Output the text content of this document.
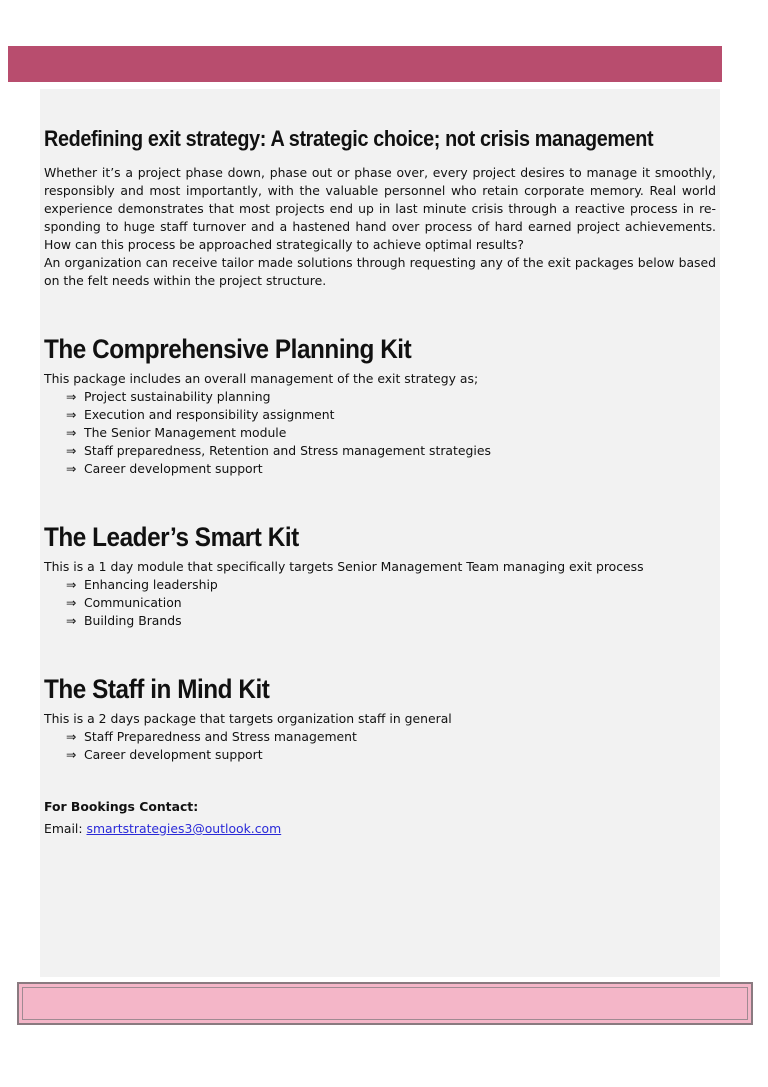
Redefining exit strategy: A strategic choice; not crisis management

Whether it’s a project phase down, phase out or phase over, every project desires to manage it smoothly, responsibly and most importantly, with the valuable personnel who retain corporate memory. Real world experience demonstrates that most projects end up in last minute crisis through a reactive process in re-sponding to huge staff turnover and a hastened hand over process of hard earned project achievements. How can this process be approached strategically to achieve optimal results?

An organization can receive tailor made solutions through requesting any of the exit packages below based on the felt needs within the project structure.

The Comprehensive Planning Kit
This package includes an overall management of the exit strategy as;
⇒ Project sustainability planning
⇒ Execution and responsibility assignment
⇒ The Senior Management module
⇒ Staff preparedness, Retention and Stress management strategies
⇒ Career development support
The Leader’s Smart Kit
This is a 1 day module that specifically targets Senior Management Team managing exit process
⇒ Enhancing leadership
⇒ Communication
⇒ Building Brands
The Staff in Mind Kit
This is a 2 days package that targets organization staff in general
⇒ Staff Preparedness and Stress management
⇒ Career development support
For Bookings Contact:
Email: smartstrategies3@outlook.com
